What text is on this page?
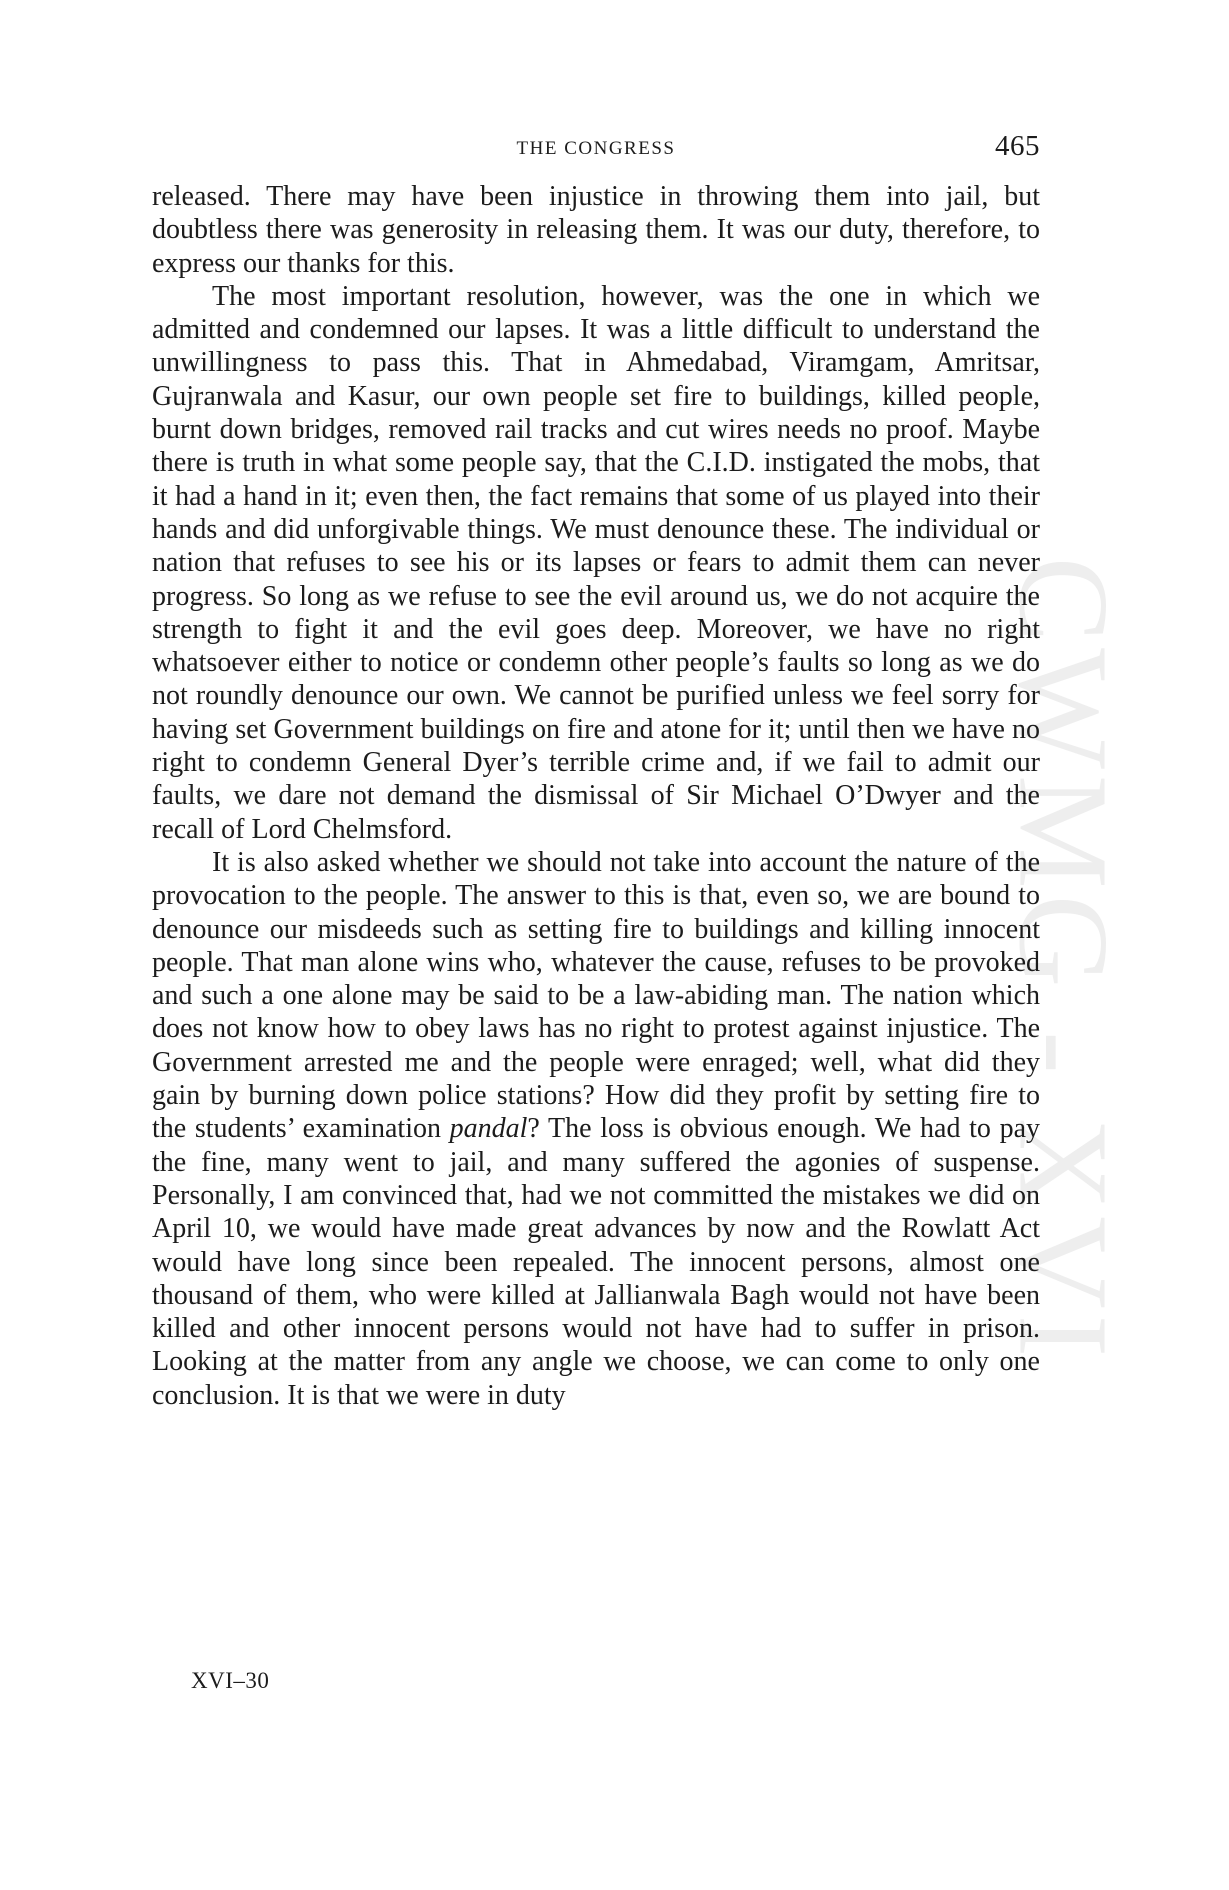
CWMG - XVI
THE CONGRESS	465

released. There may have been injustice in throwing them into jail, but doubtless there was generosity in releasing them. It was our duty, therefore, to express our thanks for this.

The most important resolution, however, was the one in which we admitted and condemned our lapses. It was a little difficult to understand the unwillingness to pass this. That in Ahmedabad, Viramgam, Amritsar, Gujranwala and Kasur, our own people set fire to buildings, killed people, burnt down bridges, removed rail tracks and cut wires needs no proof. Maybe there is truth in what some people say, that the C.I.D. instigated the mobs, that it had a hand in it; even then, the fact remains that some of us played into their hands and did unforgivable things. We must denounce these. The individual or nation that refuses to see his or its lapses or fears to admit them can never progress. So long as we refuse to see the evil around us, we do not acquire the strength to fight it and the evil goes deep. Moreover, we have no right whatsoever either to notice or condemn other people’s faults so long as we do not roundly denounce our own. We cannot be purified unless we feel sorry for having set Government buildings on fire and atone for it; until then we have no right to condemn General Dyer’s terrible crime and, if we fail to admit our faults, we dare not demand the dismissal of Sir Michael O’Dwyer and the recall of Lord Chelmsford.

It is also asked whether we should not take into account the nature of the provocation to the people. The answer to this is that, even so, we are bound to denounce our misdeeds such as setting fire to buildings and killing innocent people. That man alone wins who, whatever the cause, refuses to be provoked and such a one alone may be said to be a law-abiding man. The nation which does not know how to obey laws has no right to protest against injustice. The Government arrested me and the people were enraged; well, what did they gain by burning down police stations? How did they profit by setting fire to the students’ examination pandal? The loss is obvious enough. We had to pay the fine, many went to jail, and many suffered the agonies of suspense. Personally, I am convinced that, had we not committed the mistakes we did on April 10, we would have made great advances by now and the Rowlatt Act would have long since been repealed. The innocent persons, almost one thousand of them, who were killed at Jallianwala Bagh would not have been killed and other innocent persons would not have had to suffer in prison. Looking at the matter from any angle we choose, we can come to only one conclusion. It is that we were in duty

XVI–30
